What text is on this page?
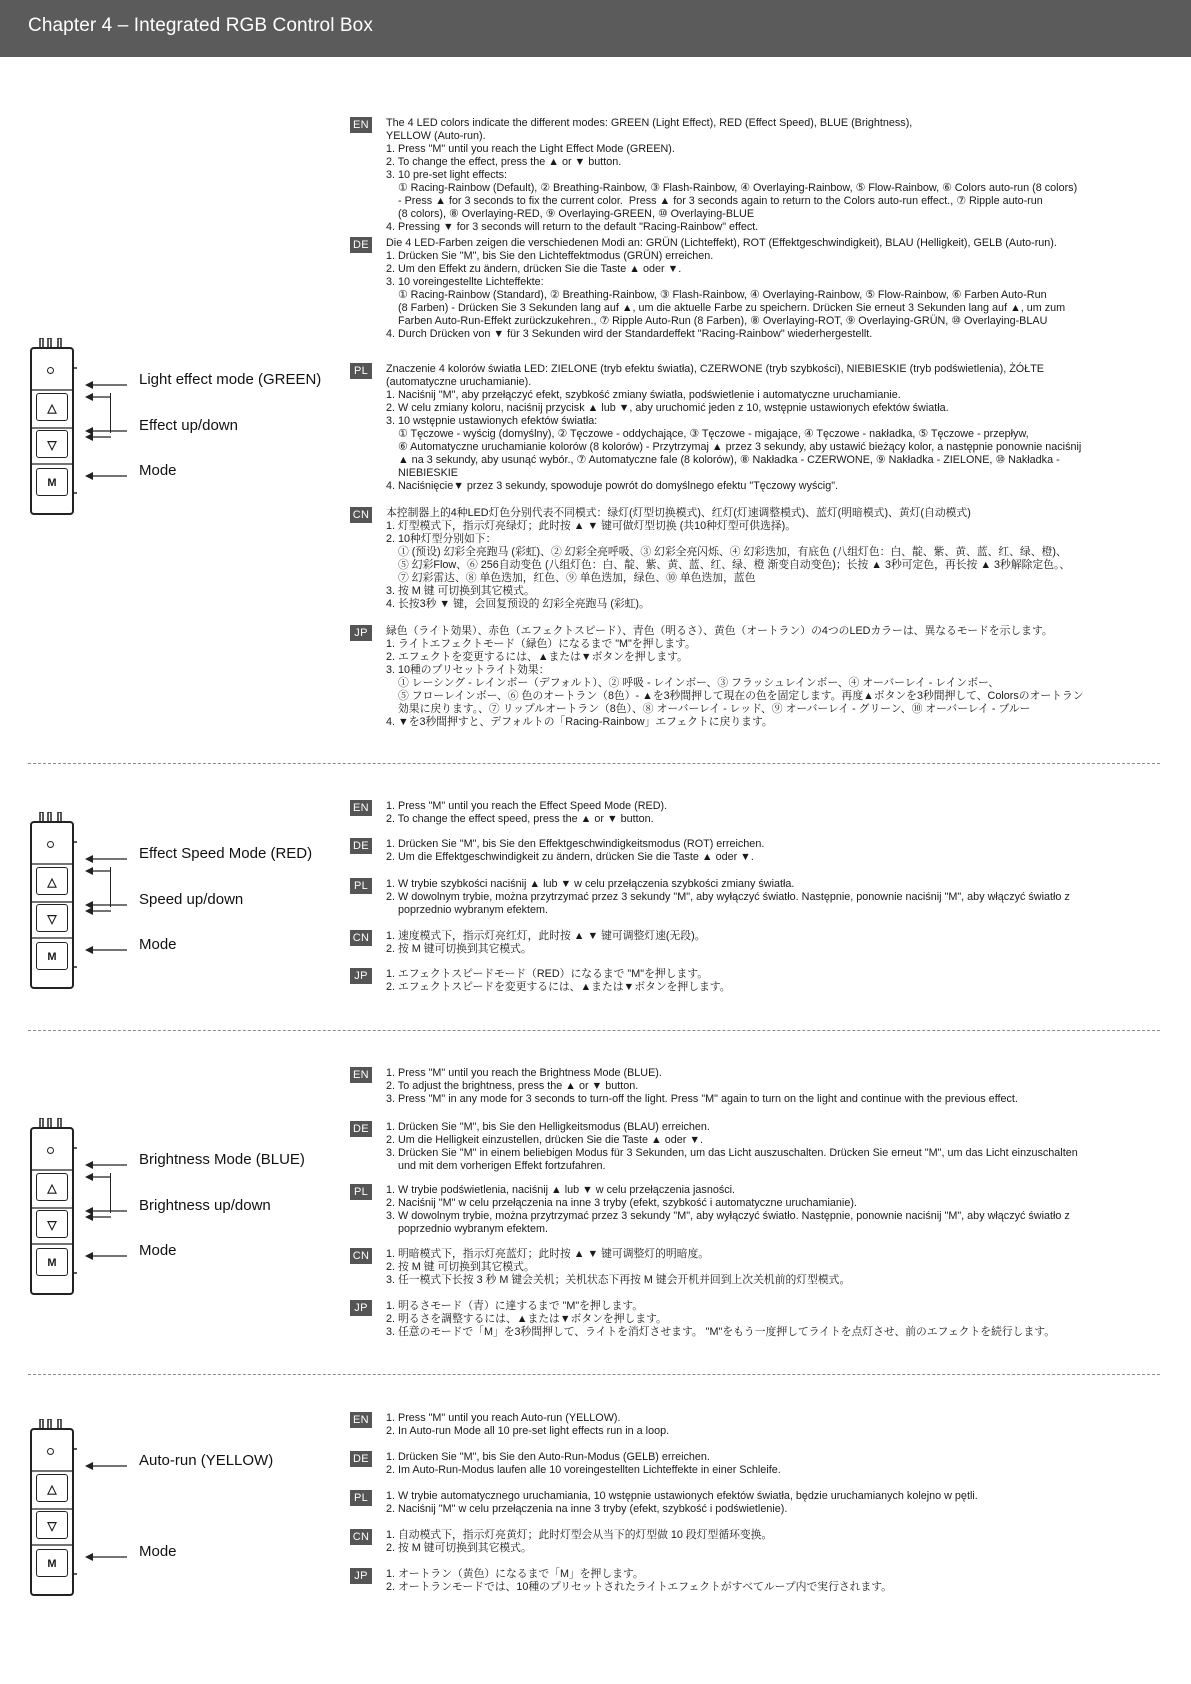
Chapter 4 – Integrated RGB Control Box
△
▽
M
Light effect mode (GREEN)
Effect up/down
Mode
EN The 4 LED colors indicate the different modes: GREEN (Light Effect), RED (Effect Speed), BLUE (Brightness),
YELLOW (Auto-run).
1. Press "M" until you reach the Light Effect Mode (GREEN).
2. To change the effect, press the ▲ or ▼ button.
3. 10 pre-set light effects:
① Racing-Rainbow (Default), ② Breathing-Rainbow, ③ Flash-Rainbow, ④ Overlaying-Rainbow, ⑤ Flow-Rainbow, ⑥ Colors auto-run (8 colors)
- Press ▲ for 3 seconds to fix the current color.  Press ▲ for 3 seconds again to return to the Colors auto-run effect., ⑦ Ripple auto-run
(8 colors), ⑧ Overlaying-RED, ⑨ Overlaying-GREEN, ⑩ Overlaying-BLUE
4. Pressing ▼ for 3 seconds will return to the default "Racing-Rainbow" effect.
DE Die 4 LED-Farben zeigen die verschiedenen Modi an: GRÜN (Lichteffekt), ROT (Effektgeschwindigkeit), BLAU (Helligkeit), GELB (Auto-run).
1. Drücken Sie "M", bis Sie den Lichteffektmodus (GRÜN) erreichen.
2. Um den Effekt zu ändern, drücken Sie die Taste ▲ oder ▼.
3. 10 voreingestellte Lichteffekte:
① Racing-Rainbow (Standard), ② Breathing-Rainbow, ③ Flash-Rainbow, ④ Overlaying-Rainbow, ⑤ Flow-Rainbow, ⑥ Farben Auto-Run
(8 Farben) - Drücken Sie 3 Sekunden lang auf ▲, um die aktuelle Farbe zu speichern. Drücken Sie erneut 3 Sekunden lang auf ▲, um zum
Farben Auto-Run-Effekt zurückzukehren., ⑦ Ripple Auto-Run (8 Farben), ⑧ Overlaying-ROT, ⑨ Overlaying-GRÜN, ⑩ Overlaying-BLAU
4. Durch Drücken von ▼ für 3 Sekunden wird der Standardeffekt "Racing-Rainbow" wiederhergestellt.
PL	Znaczenie 4 kolorów światła LED: ZIELONE (tryb efektu światła), CZERWONE (tryb szybkości), NIEBIESKIE (tryb podświetlenia), ŻÓŁTE
(automatyczne uruchamianie).
1. Naciśnij "M", aby przełączyć efekt, szybkość zmiany światła, podświetlenie i automatyczne uruchamianie.
2. W celu zmiany koloru, naciśnij przycisk ▲ lub ▼, aby uruchomić jeden z 10, wstępnie ustawionych efektów światła.
3. 10 wstępnie ustawionych efektów światła:
① Tęczowe - wyścig (domyślny), ② Tęczowe - oddychające, ③ Tęczowe - migające, ④ Tęczowe - nakładka, ⑤ Tęczowe - przepływ,
⑥ Automatyczne uruchamianie kolorów (8 kolorów) - Przytrzymaj ▲ przez 3 sekundy, aby ustawić bieżący kolor, a następnie ponownie naciśnij
▲ na 3 sekundy, aby usunąć wybór., ⑦ Automatyczne fale (8 kolorów), ⑧ Nakładka - CZERWONE, ⑨ Nakładka - ZIELONE, ⑩ Nakładka -
NIEBIESKIE
4. Naciśnięcie▼ przez 3 sekundy, spowoduje powrót do domyślnego efektu "Tęczowy wyścig".
CN 本控制器上的4种LED灯色分别代表不同模式：绿灯(灯型切换模式)、红灯(灯速调整模式)、蓝灯(明暗模式)、黄灯(自动模式)
1. 灯型模式下，指示灯亮绿灯；此时按 ▲ ▼ 键可做灯型切换 (共10种灯型可供选择)。
2. 10种灯型分别如下：
① (预设) 幻彩全亮跑马 (彩虹)、② 幻彩全亮呼吸、③ 幻彩全亮闪烁、④ 幻彩迭加，有底色 (八组灯色：白、靛、紫、黄、蓝、红、绿、橙)、
⑤ 幻彩Flow、⑥ 256自动变色 (八组灯色：白、靛、紫、黄、蓝、红、绿、橙 渐变自动变色)；长按 ▲ 3秒可定色，再长按 ▲ 3秒解除定色。、
⑦ 幻彩雷达、⑧ 单色迭加，红色、⑨ 单色迭加，绿色、⑩ 单色迭加，蓝色
3. 按 M 键 可切换到其它模式。
4. 长按3秒 ▼ 键，会回复预设的 幻彩全亮跑马 (彩虹)。
JP	緑色（ライト効果）、赤色（エフェクトスピード）、青色（明るさ）、黄色（オートラン）の4つのLEDカラーは、異なるモードを示します。
1. ライトエフェクトモード（緑色）になるまで "M"を押します。
2. エフェクトを変更するには、▲または▼ボタンを押します。
3. 10種のプリセットライト効果：
① レーシング - レインボー（デフォルト）、② 呼吸 - レインボー、③ フラッシュレインボー、④ オーバーレイ - レインボー、
⑤ フローレインボー、⑥ 色のオートラン（8色）- ▲を3秒間押して現在の色を固定します。再度▲ボタンを3秒間押して、Colorsのオートラン
効果に戻ります。、⑦ リップルオートラン（8色）、⑧ オーバーレイ - レッド、⑨ オーバーレイ - グリーン、⑩ オーバーレイ - ブルー
4. ▼を3秒間押すと、デフォルトの「Racing-Rainbow」エフェクトに戻ります。
△
▽
M
Effect Speed Mode (RED)
Speed up/down
Mode
EN 1. Press "M" until you reach the Effect Speed Mode (RED).
2. To change the effect speed, press the ▲ or ▼ button.
DE 1. Drücken Sie "M", bis Sie den Effektgeschwindigkeitsmodus (ROT) erreichen.
2. Um die Effektgeschwindigkeit zu ändern, drücken Sie die Taste ▲ oder ▼.
PL	1. W trybie szybkości naciśnij ▲ lub ▼ w celu przełączenia szybkości zmiany światła.
2. W dowolnym trybie, można przytrzymać przez 3 sekundy "M", aby wyłączyć światło. Następnie, ponownie naciśnij "M", aby włączyć światło z
poprzednio wybranym efektem.
CN 1. 速度模式下，指示灯亮红灯，此时按 ▲ ▼ 键可调整灯速(无段)。
2. 按 M 键可切换到其它模式。
JP	1. エフェクトスピードモード（RED）になるまで "M"を押します。
2. エフェクトスピードを変更するには、▲または▼ボタンを押します。
△
▽
M
Brightness Mode (BLUE)
Brightness up/down
Mode
EN 1. Press "M" until you reach the Brightness Mode (BLUE).
2. To adjust the brightness, press the ▲ or ▼ button.
3. Press "M" in any mode for 3 seconds to turn-off the light. Press "M" again to turn on the light and continue with the previous effect.
DE 1. Drücken Sie "M", bis Sie den Helligkeitsmodus (BLAU) erreichen.
2. Um die Helligkeit einzustellen, drücken Sie die Taste ▲ oder ▼.
3. Drücken Sie "M" in einem beliebigen Modus für 3 Sekunden, um das Licht auszuschalten. Drücken Sie erneut "M", um das Licht einzuschalten
und mit dem vorherigen Effekt fortzufahren.
PL	1. W trybie podświetlenia, naciśnij ▲ lub ▼ w celu przełączenia jasności.
2. Naciśnij "M" w celu przełączenia na inne 3 tryby (efekt, szybkość i automatyczne uruchamianie).
3. W dowolnym trybie, można przytrzymać przez 3 sekundy "M", aby wyłączyć światło. Następnie, ponownie naciśnij "M", aby włączyć światło z
poprzednio wybranym efektem.
CN 1. 明暗模式下，指示灯亮蓝灯；此时按 ▲ ▼ 键可调整灯的明暗度。
2. 按 M 键 可切换到其它模式。
3. 任一模式下长按 3 秒 M 键会关机；关机状态下再按 M 键会开机并回到上次关机前的灯型模式。
JP	1. 明るさモード（青）に達するまで "M"を押します。
2. 明るさを調整するには、▲または▼ボタンを押します。
3. 任意のモードで「M」を3秒間押して、ライトを消灯させます。 "M"をもう一度押してライトを点灯させ、前のエフェクトを続行します。
△
▽
M
Auto-run (YELLOW)
Mode
EN 1. Press "M" until you reach Auto-run (YELLOW).
2. In Auto-run Mode all 10 pre-set light effects run in a loop.
DE 1. Drücken Sie "M", bis Sie den Auto-Run-Modus (GELB) erreichen.
2. Im Auto-Run-Modus laufen alle 10 voreingestellten Lichteffekte in einer Schleife.
PL	1. W trybie automatycznego uruchamiania, 10 wstępnie ustawionych efektów światła, będzie uruchamianych kolejno w pętli.
2. Naciśnij "M" w celu przełączenia na inne 3 tryby (efekt, szybkość i podświetlenie).
CN 1. 自动模式下，指示灯亮黄灯；此时灯型会从当下的灯型做 10 段灯型循环变换。
2. 按 M 键可切换到其它模式。
JP	1. オートラン（黄色）になるまで「M」を押します。
2. オートランモードでは、10種のプリセットされたライトエフェクトがすべてループ内で実行されます。
